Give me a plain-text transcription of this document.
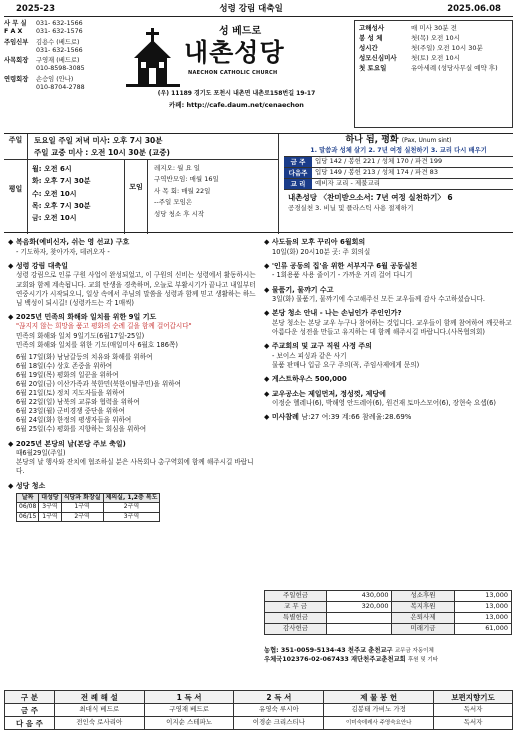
2025-23	성령 강림 대축일	2025.06.08
사 무 실	031- 632-1566
F A X	031- 632-1576
주임신부	김용수 (베드로)
031- 632-1566
사목회장	구영재 (베드로)
010-8598-3085
연령회장	손승임 (안나)
010-8704-2788
성 베드로
내촌성당
NAECHON CATHOLIC CHURCH
(우) 11189 경기도 포천시 내촌면 내촌로158번길 19-17
카페: http://cafe.daum.net/cenaechon
고해성사	매 미사 30분 전
봉 성 체	첫(목) 오전 10시
성시간	첫(주일) 오전 10시 30분
성모신심미사	첫(토) 오전 10시
첫 토요일	유아세례 (성당사무실 예약 후)
주일	토요일 주일 저녁 미사: 오후 7시 30분
주일 교중 미사 : 오전 10시 30분 (교중)
평일
월: 오전 6시
화: 오후 7시 30분
수: 오전 10시
목: 오후 7시 30분
금: 오전 10시
모임
레지오: 월 요 일
구역반모임: 매월 16일
사 목 회: 매월 22일
--주일 모임은
성당 청소 후 시작
하나 됨, 평화 (Pax, Unum sint)
1. 말씀과 성체 살기 2. 7년 여정 실천하기 3. 교리 다시 배우기
금 주	입당 142 / 봉헌 221 / 성체 170 / 파견 199
다음주	입당 149 / 봉헌 213 / 성체 174 / 파견 83
교 리	예비자 교리 - 제불교리
내촌성당 〈찬미받으소서: 7년 여정 실천하기〉 6
공경실천 3. 비닐 및 플라스틱 사용 절제하기
◆ 복음화(예비신자, 쉬는 영 선교) 구호
- 기도하자, 찾아가자, 데려오자 -
◆ 성령 강림 대축일
성령 강림으로 인류 구원 사업이 완성되었고, 이 구원의 신비는 성령에서 활동하시는 교회와 함께 계속됩니다. 교회 탄생을 경축하며, 오늘로 부활시기가 끝나고 내일부터 연중시기가 시작되오니, 일상 속에서 주님의 말씀을 성령과 함께 믿고 생활하는 하느님 백성이 되시길! (성령카드는 각 1매씩)
◆ 2025년 민족의 화해와 일치를 위한 9일 기도
"끊지지 않는 희망을 품고 평화의 순례 길을 함께 걸어갑시다"
민족의 화해와 일치 9일기도(6월17일-25일)
민족의 화해와 일치를 위한 기도(매일미사 6월호 186쪽)
6월 17일(화) 남남갈등의 치유와 화해를 위하여
6월 18일(수) 상호 존중을 위하여
6월 19일(목) 평화의 일꾼을 위하여
6월 20일(금) 이산가족과 북한민(북한이탈주민)을 위하여
6월 21일(토) 정치 지도자들을 위하여
6월 22일(일) 남북의 교류와 협력을 위하여
6월 23일(월) 군비경쟁 중단을 위하여
6월 24일(화) 한정의 평생자들을 위하여
6월 25일(수) 평화를 지향하는 회심을 위하여
◆ 2025년 본당의 날(본당 주보 축일)
때6월29일(주일)
본당의 날 행사와 잔치에 협조하실 분은 사목회나 총구역회에 함께 해주시길 바랍니다.
◆ 성당 청소
날짜	대성당	식당과 화장실	제의실, 1,2층 복도
06/08	3구역	1구역	2구역
06/15	1구역	2구역	3구역
◆ 사도들의 모후 꾸리아 6월회의
10일(화) 20시10분 곳: 주 회의실
◆ '인류 공동의 집'을 위한 서부지구 6월 공동실천
- 1회용품 사용 줄이기 - 가까운 거리 걸어 다니기
◆ 물품기, 물꺄기 수고
3일(화) 물품기, 물꺄기에 수고해주신 모든 교우들께 감사 수고하셨습니다.
◆ 본당 청소 안내 - 나는 손님인가 주인인가?
본당 청소는 본당 교우 누구나 참여하는 것입니다. 교우들이 함께 참여하여 깨끗하고 아름다운 성전을 만들고 유지하는 데 함께 해주시길 바랍니다.(사목협의회)
◆ 주교회의 및 교구 직원 사정 주의
- 보이스 피싱과 같은 사기
물품 판매나 입금 요구 주의(꼭, 주임사제에게 문의)
◆ 게스트하우스 500,000
◆ 교우공소는 제일먼저, 정성껏, 제당에
이정순 헬레나(6), 박해영 안드레아(6), 원건재 토마스모어(6), 장현숙 요셉(6)
◆ 미사참례 남:27 여:39 계:66 참례율:28.69%
주일헌금	430,000	성소후원	13,000
교 무 금	320,000	복지후원	13,000
특별헌금		은퇴사제	13,000
감사헌금		미래기금	61,000
농협: 351-0059-5134-43 천주교 춘천교구 교무금 자동이체
우체국102376-02-067433 재단천주교춘천교회 후원 및 기타
구 분	전 례 해 설	1 독 서	2 독 서	제 물 봉 헌	보편지향기도
금 주	최대식 베드로	구영재 베드로	유영숙 루시아	김봉태 가비노 가정	독서자
다 음 주	전인숙 로사리아	이지순 스테파노	이경순 크리스티나	이미숙데레사 주영숙요안나	독서자
